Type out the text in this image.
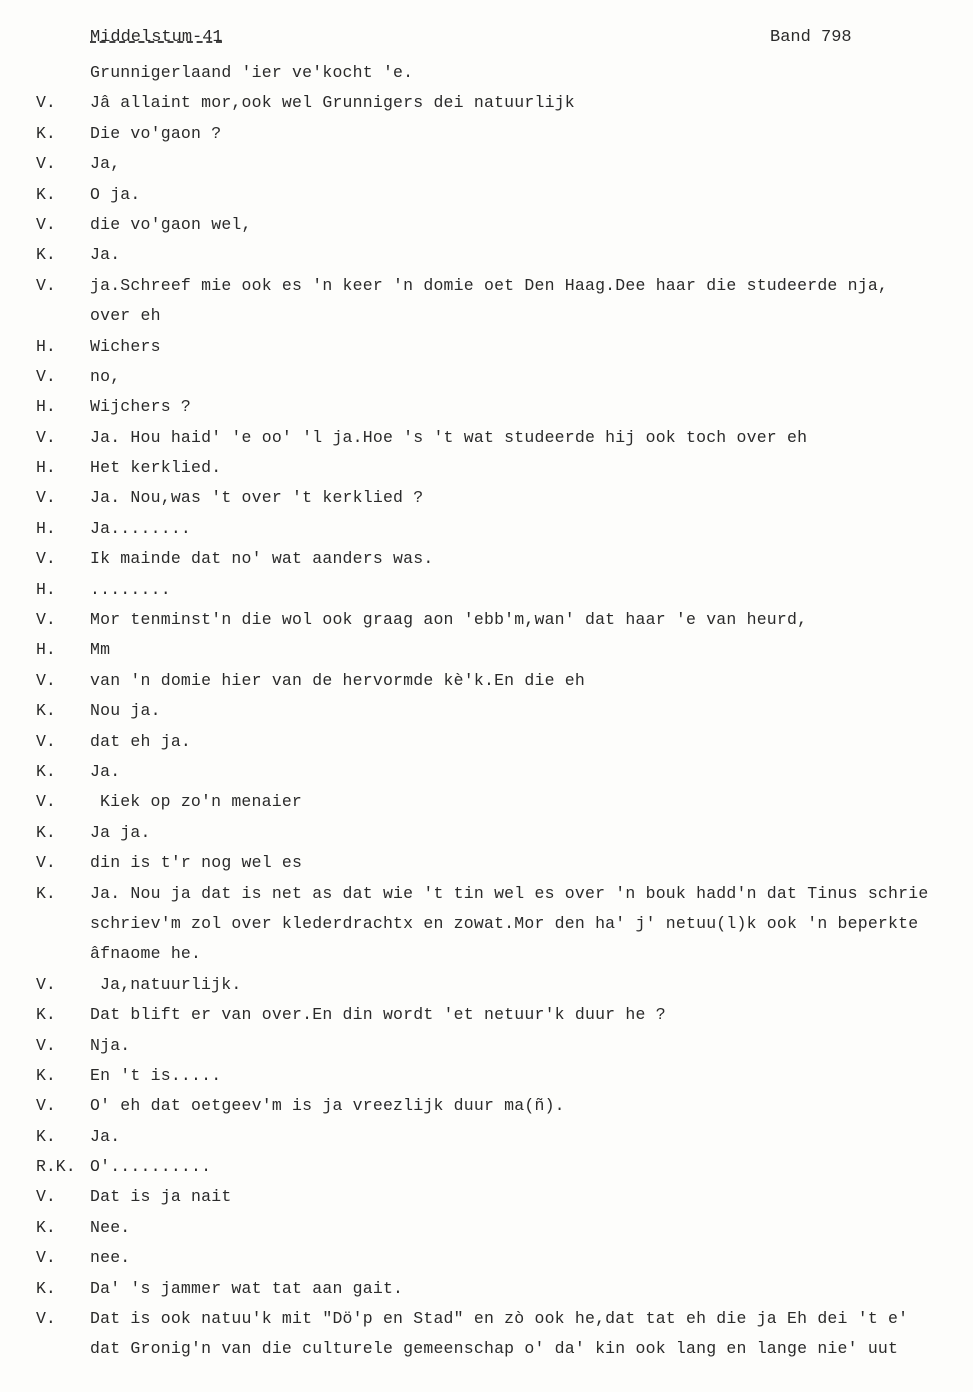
Middelstum-41	Band 798
Grunnigerlaand 'ier ve'kocht 'e.
V. Jâ allaint mor,ook wel Grunnigers dei natuurlijk
K. Die vo'gaon ?
V. Ja,
K. O ja.
V. die vo'gaon wel,
K. Ja.
V. ja.Schreef mie ook es 'n keer 'n domie oet Den Haag.Dee haar die studeerde nja,
over eh
H. Wichers
V. no,
H. Wijchers ?
V. Ja. Hou haid' 'e oo' 'l ja.Hoe 's 't wat studeerde hij ook toch over eh
H. Het kerklied.
V. Ja. Nou,was 't over 't kerklied ?
H. Ja........
V. Ik mainde dat no' wat aanders was.
H. ........
V. Mor tenminst'n die wol ook graag aon 'ebb'm,wan' dat haar 'e van heurd,
H. Mm
V. van 'n domie hier van de hervormde kè'k.En die eh
K. Nou ja.
V. dat eh ja.
K. Ja.
V.	Kiek op zo'n menaier
K. Ja ja.
V. din is t'r nog wel es
K. Ja. Nou ja dat is net as dat wie 't tin wel es over 'n bouk hadd'n dat Tinus schrie
schriev'm zol over klederdrachtx en zowat.Mor den ha' j' netuu(l)k ook 'n beperkte
âfnaome he.
V.	Ja,natuurlijk.
K. Dat blift er van over.En din wordt 'et netuur'k duur he ?
V. Nja.
K. En 't is.....
V. O' eh dat oetgeev'm is ja vreezlijk duur ma(ñ).
K. Ja.
R.K. O'..........
V. Dat is ja nait
K. Nee.
V. nee.
K. Da' 's jammer wat tat aan gait.
V. Dat is ook natuu'k mit "Dö'p en Stad" en zò ook he,dat tat eh die ja Eh dei 't e'
dat Gronig'n van die culturele gemeenschap o' da' kin ook lang en lange nie' uut
